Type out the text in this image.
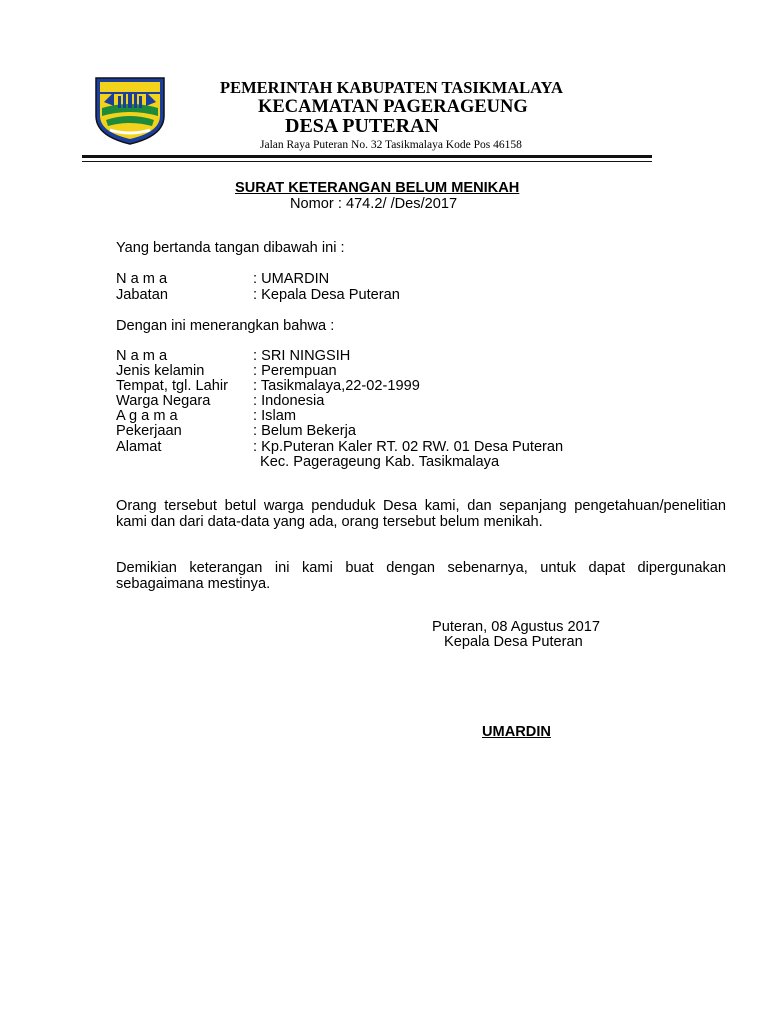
PEMERINTAH KABUPATEN TASIKMALAYA
KECAMATAN PAGERAGEUNG
DESA PUTERAN
Jalan Raya Puteran No. 32 Tasikmalaya Kode Pos 46158
SURAT KETERANGAN BELUM MENIKAH
Nomor : 474.2/ /Des/2017
Yang bertanda tangan dibawah ini :
N a m a	: UMARDIN
Jabatan	: Kepala Desa Puteran
Dengan ini menerangkan bahwa :
N a m a	: SRI NINGSIH
Jenis kelamin	: Perempuan
Tempat, tgl. Lahir : Tasikmalaya,22-02-1999
Warga Negara	: Indonesia
A g a m a	: Islam
Pekerjaan	: Belum Bekerja
Alamat	: Kp.Puteran Kaler RT. 02 RW. 01 Desa Puteran
Kec. Pagerageung Kab. Tasikmalaya
Orang tersebut betul warga penduduk Desa kami, dan sepanjang pengetahuan/penelitian kami dan dari data-data yang ada, orang tersebut belum menikah.
Demikian keterangan ini kami buat dengan sebenarnya, untuk dapat dipergunakan sebagaimana mestinya.
Puteran, 08 Agustus 2017
Kepala Desa Puteran
UMARDIN
